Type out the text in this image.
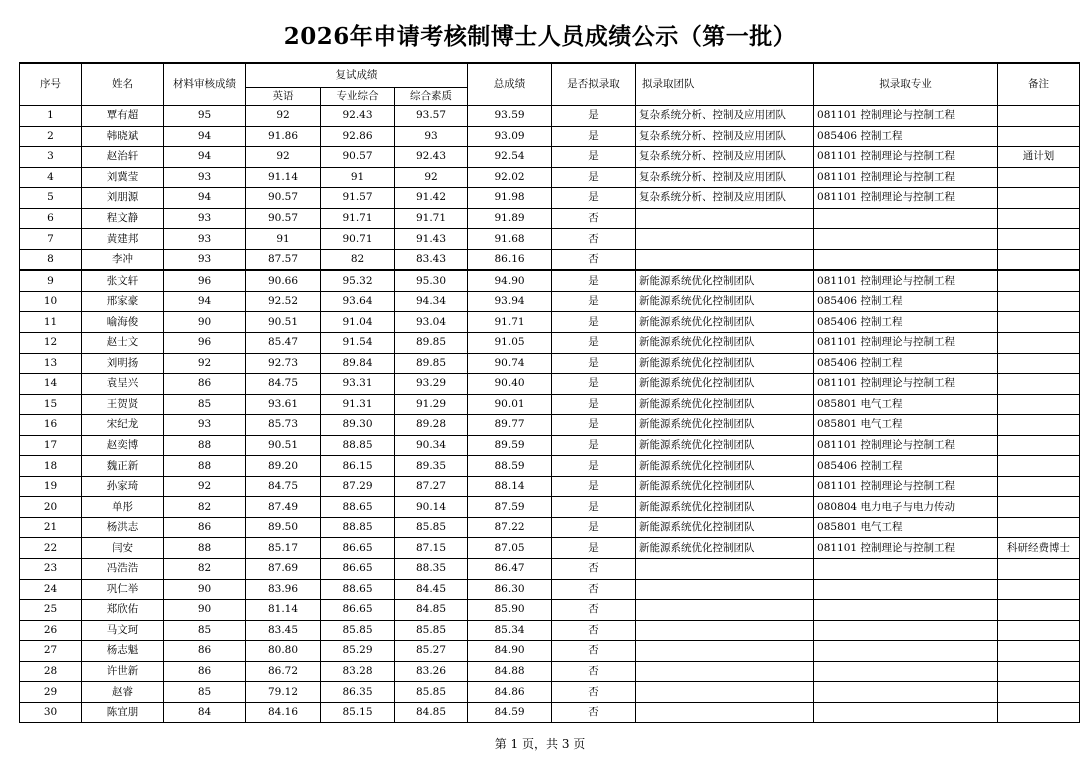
2026年申请考核制博士人员成绩公示（第一批）
序号	姓名	材料审核成绩	复试成绩			总成绩	是否拟录取	拟录取团队	拟录取专业	备注
			英语	专业综合	综合素质					
1	覃有超	95	92	92.43	93.57	93.59	是	复杂系统分析、控制及应用团队	081101 控制理论与控制工程	
2	韩晓斌	94	91.86	92.86	93	93.09	是	复杂系统分析、控制及应用团队	085406 控制工程	
3	赵治轩	94	92	90.57	92.43	92.54	是	复杂系统分析、控制及应用团队	081101 控制理论与控制工程	通计划
4	刘冀莹	93	91.14	91	92	92.02	是	复杂系统分析、控制及应用团队	081101 控制理论与控制工程	
5	刘朋源	94	90.57	91.57	91.42	91.98	是	复杂系统分析、控制及应用团队	081101 控制理论与控制工程	
6	程文静	93	90.57	91.71	91.71	91.89	否			
7	黄建邦	93	91	90.71	91.43	91.68	否			
8	李冲	93	87.57	82	83.43	86.16	否			
9	张文轩	96	90.66	95.32	95.30	94.90	是	新能源系统优化控制团队	081101 控制理论与控制工程	
10	邢家豪	94	92.52	93.64	94.34	93.94	是	新能源系统优化控制团队	085406 控制工程	
11	喻海俊	90	90.51	91.04	93.04	91.71	是	新能源系统优化控制团队	085406 控制工程	
12	赵士文	96	85.47	91.54	89.85	91.05	是	新能源系统优化控制团队	081101 控制理论与控制工程	
13	刘明扬	92	92.73	89.84	89.85	90.74	是	新能源系统优化控制团队	085406 控制工程	
14	袁呈兴	86	84.75	93.31	93.29	90.40	是	新能源系统优化控制团队	081101 控制理论与控制工程	
15	王贺贤	85	93.61	91.31	91.29	90.01	是	新能源系统优化控制团队	085801 电气工程	
16	宋纪龙	93	85.73	89.30	89.28	89.77	是	新能源系统优化控制团队	085801 电气工程	
17	赵奕博	88	90.51	88.85	90.34	89.59	是	新能源系统优化控制团队	081101 控制理论与控制工程	
18	魏正新	88	89.20	86.15	89.35	88.59	是	新能源系统优化控制团队	085406 控制工程	
19	孙家琦	92	84.75	87.29	87.27	88.14	是	新能源系统优化控制团队	081101 控制理论与控制工程	
20	单彤	82	87.49	88.65	90.14	87.59	是	新能源系统优化控制团队	080804 电力电子与电力传动	
21	杨洪志	86	89.50	88.85	85.85	87.22	是	新能源系统优化控制团队	085801 电气工程	
22	闫安	88	85.17	86.65	87.15	87.05	是	新能源系统优化控制团队	081101 控制理论与控制工程	科研经费博士
23	冯浩浩	82	87.69	86.65	88.35	86.47	否			
24	巩仁举	90	83.96	88.65	84.45	86.30	否			
25	郑欣佑	90	81.14	86.65	84.85	85.90	否			
26	马文珂	85	83.45	85.85	85.85	85.34	否			
27	杨志魁	86	80.80	85.29	85.27	84.90	否			
28	许世新	86	86.72	83.28	83.26	84.88	否			
29	赵睿	85	79.12	86.35	85.85	84.86	否			
30	陈宜朋	84	84.16	85.15	84.85	84.59	否			
第 1 页，共 3 页
